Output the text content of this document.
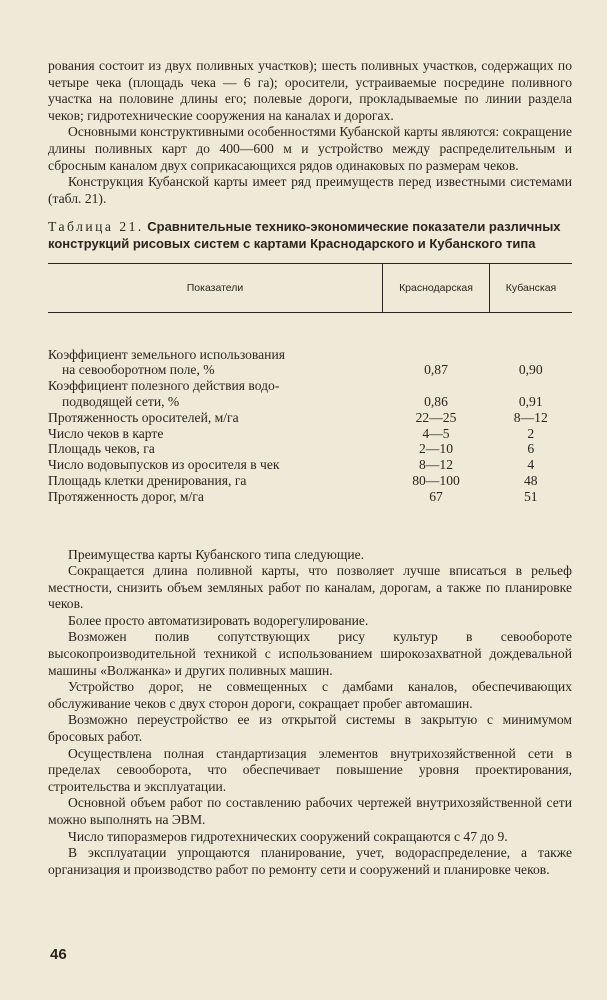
рования состоит из двух поливных участков); шесть поливных участков, содержащих по четыре чека (площадь чека — 6 га); оросители, устраиваемые посредине поливного участка на половине длины его; полевые дороги, прокладываемые по линии раздела чеков; гидротехнические сооружения на каналах и дорогах.

Основными конструктивными особенностями Кубанской карты являются: сокращение длины поливных карт до 400—600 м и устройство между распределительным и сбросным каналом двух соприкасающихся рядов одинаковых по размерам чеков.

Конструкция Кубанской карты имеет ряд преимуществ перед известными системами (табл. 21).

Таблица 21. Сравнительные технико-экономические показатели различных конструкций рисовых систем с картами Краснодарского и Кубанского типа
Показатели	Краснодарская	Кубанская
Коэффициент земельного использования
на севооборотном поле, %	0,87	0,90
Коэффициент полезного действия водо-
подводящей сети, %	0,86	0,91
Протяженность оросителей, м/га	22—25	8—12
Число чеков в карте	4—5	2
Площадь чеков, га	2—10	6
Число водовыпусков из оросителя в чек	8—12	4
Площадь клетки дренирования, га	80—100	48
Протяженность дорог, м/га	67	51

Преимущества карты Кубанского типа следующие.

Сокращается длина поливной карты, что позволяет лучше вписаться в рельеф местности, снизить объем земляных работ по каналам, дорогам, а также по планировке чеков.

Более просто автоматизировать водорегулирование.

Возможен полив сопутствующих рису культур в севообороте высокопроизводительной техникой с использованием широкозахватной дождевальной машины «Волжанка» и других поливных машин.

Устройство дорог, не совмещенных с дамбами каналов, обеспечивающих обслуживание чеков с двух сторон дороги, сокращает пробег автомашин.

Возможно переустройство ее из открытой системы в закрытую с минимумом бросовых работ.

Осуществлена полная стандартизация элементов внутрихозяйственной сети в пределах севооборота, что обеспечивает повышение уровня проектирования, строительства и эксплуатации.

Основной объем работ по составлению рабочих чертежей внутрихозяйственной сети можно выполнять на ЭВМ.

Число типоразмеров гидротехнических сооружений сокращаются с 47 до 9.

В эксплуатации упрощаются планирование, учет, водораспределение, а также организация и производство работ по ремонту сети и сооружений и планировке чеков.

46
